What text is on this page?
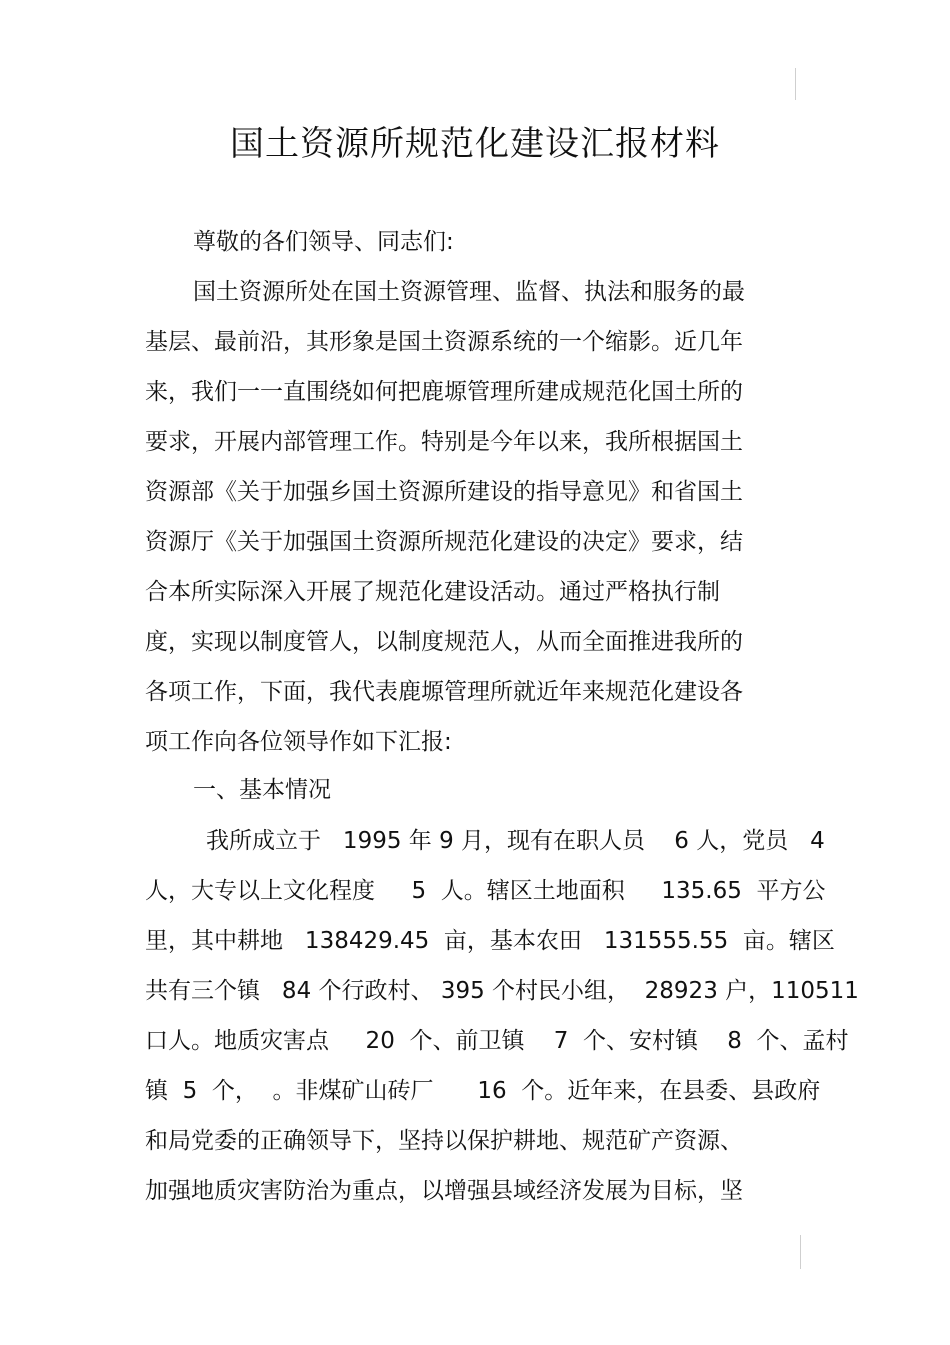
国土资源所规范化建设汇报材料
尊敬的各们领导、同志们:
国土资源所处在国土资源管理、监督、执法和服务的最
基层、最前沿，其形象是国土资源系统的一个缩影。近几年
来，我们一一直围绕如何把鹿塬管理所建成规范化国土所的
要求，开展内部管理工作。特别是今年以来，我所根据国土
资源部《关于加强乡国土资源所建设的指导意见》和省国土
资源厅《关于加强国土资源所规范化建设的决定》要求，结
合本所实际深入开展了规范化建设活动。通过严格执行制
度，实现以制度管人，以制度规范人，从而全面推进我所的
各项工作，下面，我代表鹿塬管理所就近年来规范化建设各
项工作向各位领导作如下汇报:
一、基本情况
我所成立于   1995 年 9 月，现有在职人员    6 人，党员   4
人，大专以上文化程度     5  人。辖区土地面积     135.65  平方公
里，其中耕地   138429.45  亩，基本农田   131555.55  亩。辖区
共有三个镇   84 个行政村、 395 个村民小组，  28923 户，110511
口人。地质灾害点     20  个、前卫镇    7  个、安村镇    8  个、孟村
镇  5  个，  。非煤矿山砖厂      16  个。近年来，在县委、县政府
和局党委的正确领导下，坚持以保护耕地、规范矿产资源、
加强地质灾害防治为重点，以增强县域经济发展为目标，坚
